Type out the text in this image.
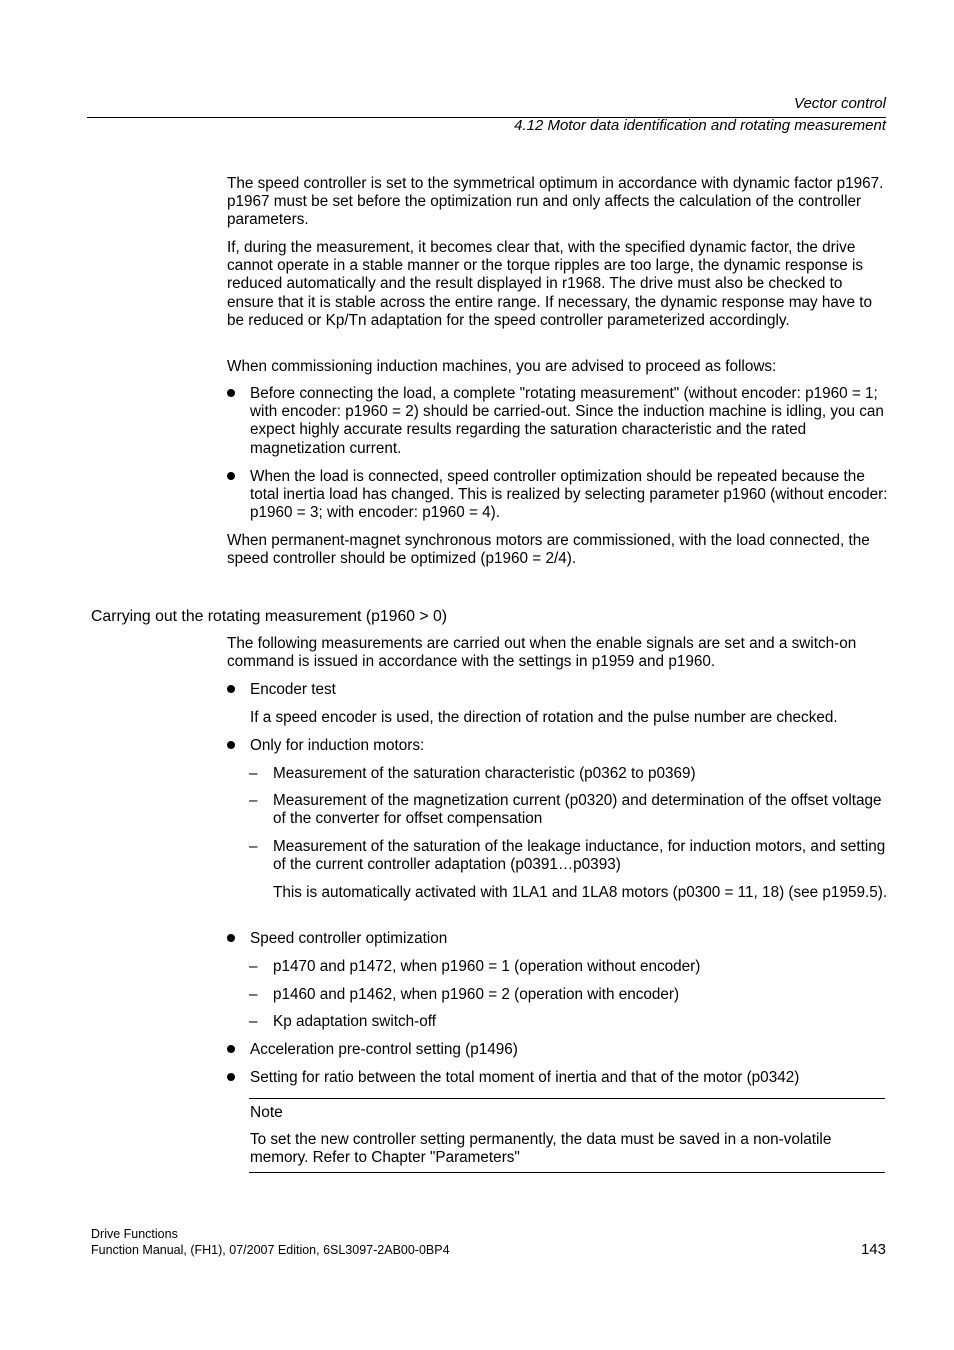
Vector control
4.12 Motor data identification and rotating measurement

The speed controller is set to the symmetrical optimum in accordance with dynamic factor p1967. p1967 must be set before the optimization run and only affects the calculation of the controller parameters.

If, during the measurement, it becomes clear that, with the specified dynamic factor, the drive cannot operate in a stable manner or the torque ripples are too large, the dynamic response is reduced automatically and the result displayed in r1968. The drive must also be checked to ensure that it is stable across the entire range. If necessary, the dynamic response may have to be reduced or Kp/Tn adaptation for the speed controller parameterized accordingly.

When commissioning induction machines, you are advised to proceed as follows:

Before connecting the load, a complete "rotating measurement" (without encoder: p1960 = 1; with encoder: p1960 = 2) should be carried-out. Since the induction machine is idling, you can expect highly accurate results regarding the saturation characteristic and the rated magnetization current.

When the load is connected, speed controller optimization should be repeated because the total inertia load has changed. This is realized by selecting parameter p1960 (without encoder: p1960 = 3; with encoder: p1960 = 4).

When permanent-magnet synchronous motors are commissioned, with the load connected, the speed controller should be optimized (p1960 = 2/4).

Carrying out the rotating measurement (p1960 > 0)

The following measurements are carried out when the enable signals are set and a switch-on command is issued in accordance with the settings in p1959 and p1960.

Encoder test

If a speed encoder is used, the direction of rotation and the pulse number are checked.

Only for induction motors:

– Measurement of the saturation characteristic (p0362 to p0369)

– Measurement of the magnetization current (p0320) and determination of the offset voltage of the converter for offset compensation

– Measurement of the saturation of the leakage inductance, for induction motors, and setting of the current controller adaptation (p0391…p0393)

This is automatically activated with 1LA1 and 1LA8 motors (p0300 = 11, 18) (see p1959.5).

Speed controller optimization

– p1470 and p1472, when p1960 = 1 (operation without encoder)

– p1460 and p1462, when p1960 = 2 (operation with encoder)

– Kp adaptation switch-off

Acceleration pre-control setting (p1496)

Setting for ratio between the total moment of inertia and that of the motor (p0342)

Note

To set the new controller setting permanently, the data must be saved in a non-volatile memory. Refer to Chapter "Parameters"

Drive Functions
Function Manual, (FH1), 07/2007 Edition, 6SL3097-2AB00-0BP4	143
